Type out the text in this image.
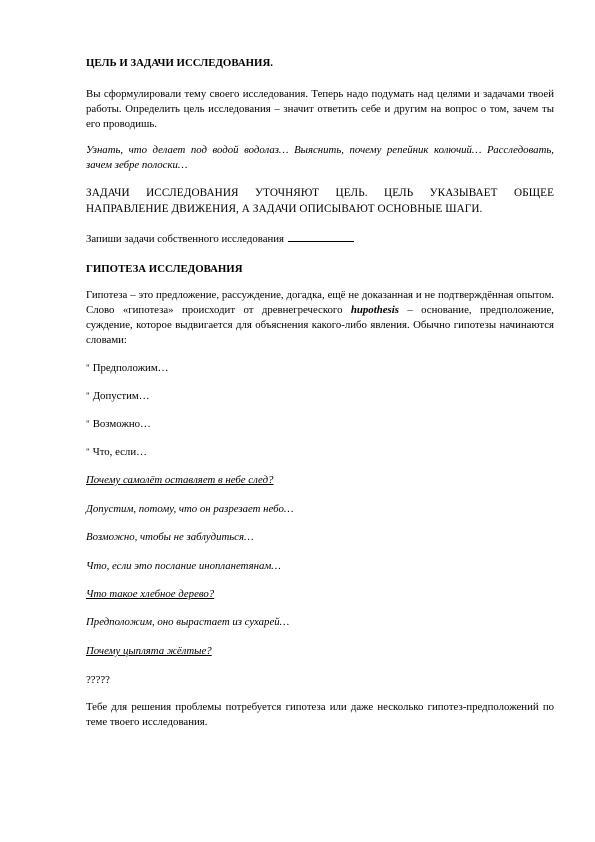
ЦЕЛЬ И ЗАДАЧИ ИССЛЕДОВАНИЯ.

Вы сформулировали тему своего исследования. Теперь надо подумать над целями и задачами твоей работы. Определить цель исследования – значит ответить себе и другим на вопрос о том, зачем ты его проводишь.

Узнать, что делает под водой водолаз… Выяснить, почему репейник колючий… Расследовать, зачем зебре полоски…

ЗАДАЧИ ИССЛЕДОВАНИЯ УТОЧНЯЮТ ЦЕЛЬ. ЦЕЛЬ УКАЗЫВАЕТ ОБЩЕЕ НАПРАВЛЕНИЕ ДВИЖЕНИЯ, А ЗАДАЧИ ОПИСЫВАЮТ ОСНОВНЫЕ ШАГИ.

Запиши задачи собственного исследования

ГИПОТЕЗА ИССЛЕДОВАНИЯ

Гипотеза – это предложение, рассуждение, догадка, ещё не доказанная и не подтверждённая опытом. Слово «гипотеза» происходит от древнегреческого hupothesis – основание, предположение, суждение, которое выдвигается для объяснения какого-либо явления. Обычно гипотезы начинаются словами:

" Предположим…

" Допустим…

" Возможно…

" Что, если…

Почему самолёт оставляет в небе след?

Допустим, потому, что он разрезает небо…

Возможно, чтобы не заблудиться…

Что, если это послание инопланетянам…

Что такое хлебное дерево?

Предположим, оно вырастает из сухарей…

Почему цыплята жёлтые?

?????

Тебе для решения проблемы потребуется гипотеза или даже несколько гипотез-предположений по теме твоего исследования.
